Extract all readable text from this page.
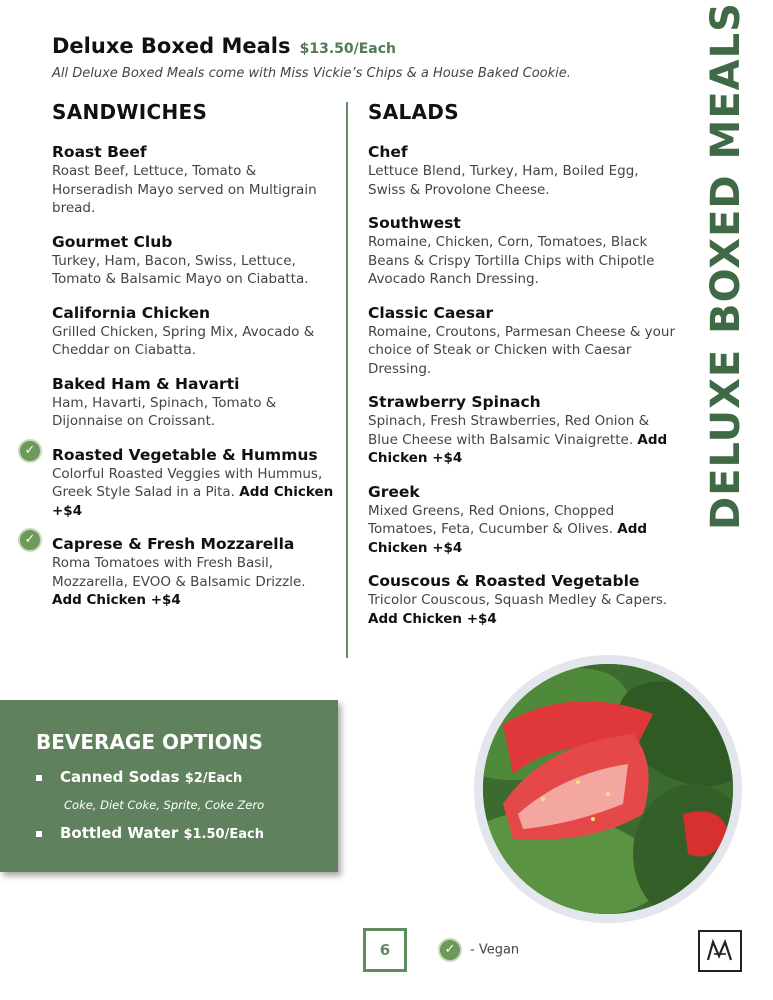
Deluxe Boxed Meals $13.50/Each
All Deluxe Boxed Meals come with Miss Vickie’s Chips & a House Baked Cookie.
SANDWICHES
Roast Beef
Roast Beef, Lettuce, Tomato & Horseradish Mayo served on Multigrain bread.
Gourmet Club
Turkey, Ham, Bacon, Swiss, Lettuce, Tomato & Balsamic Mayo on Ciabatta.
California Chicken
Grilled Chicken, Spring Mix, Avocado & Cheddar on Ciabatta.
Baked Ham & Havarti
Ham, Havarti, Spinach, Tomato & Dijonnaise on Croissant.
✓	Roasted Vegetable & Hummus
Colorful Roasted Veggies with Hummus, Greek Style Salad in a Pita. Add Chicken +$4
✓	Caprese & Fresh Mozzarella
Roma Tomatoes with Fresh Basil, Mozzarella, EVOO & Balsamic Drizzle. Add Chicken +$4
SALADS
Chef
Lettuce Blend, Turkey, Ham, Boiled Egg, Swiss & Provolone Cheese.
Southwest
Romaine, Chicken, Corn, Tomatoes, Black Beans & Crispy Tortilla Chips with Chipotle Avocado Ranch Dressing.
Classic Caesar
Romaine, Croutons, Parmesan Cheese & your choice of Steak or Chicken with Caesar Dressing.
Strawberry Spinach
Spinach, Fresh Strawberries, Red Onion & Blue Cheese with Balsamic Vinaigrette. Add Chicken +$4
Greek
Mixed Greens, Red Onions, Chopped Tomatoes, Feta, Cucumber & Olives. Add Chicken +$4
Couscous & Roasted Vegetable
Tricolor Couscous, Squash Medley & Capers. Add Chicken +$4
DELUXE BOXED MEALS
BEVERAGE OPTIONS
Canned Sodas $2/Each
Coke, Diet Coke, Sprite, Coke Zero
Bottled Water $1.50/Each
6	✓ - Vegan
